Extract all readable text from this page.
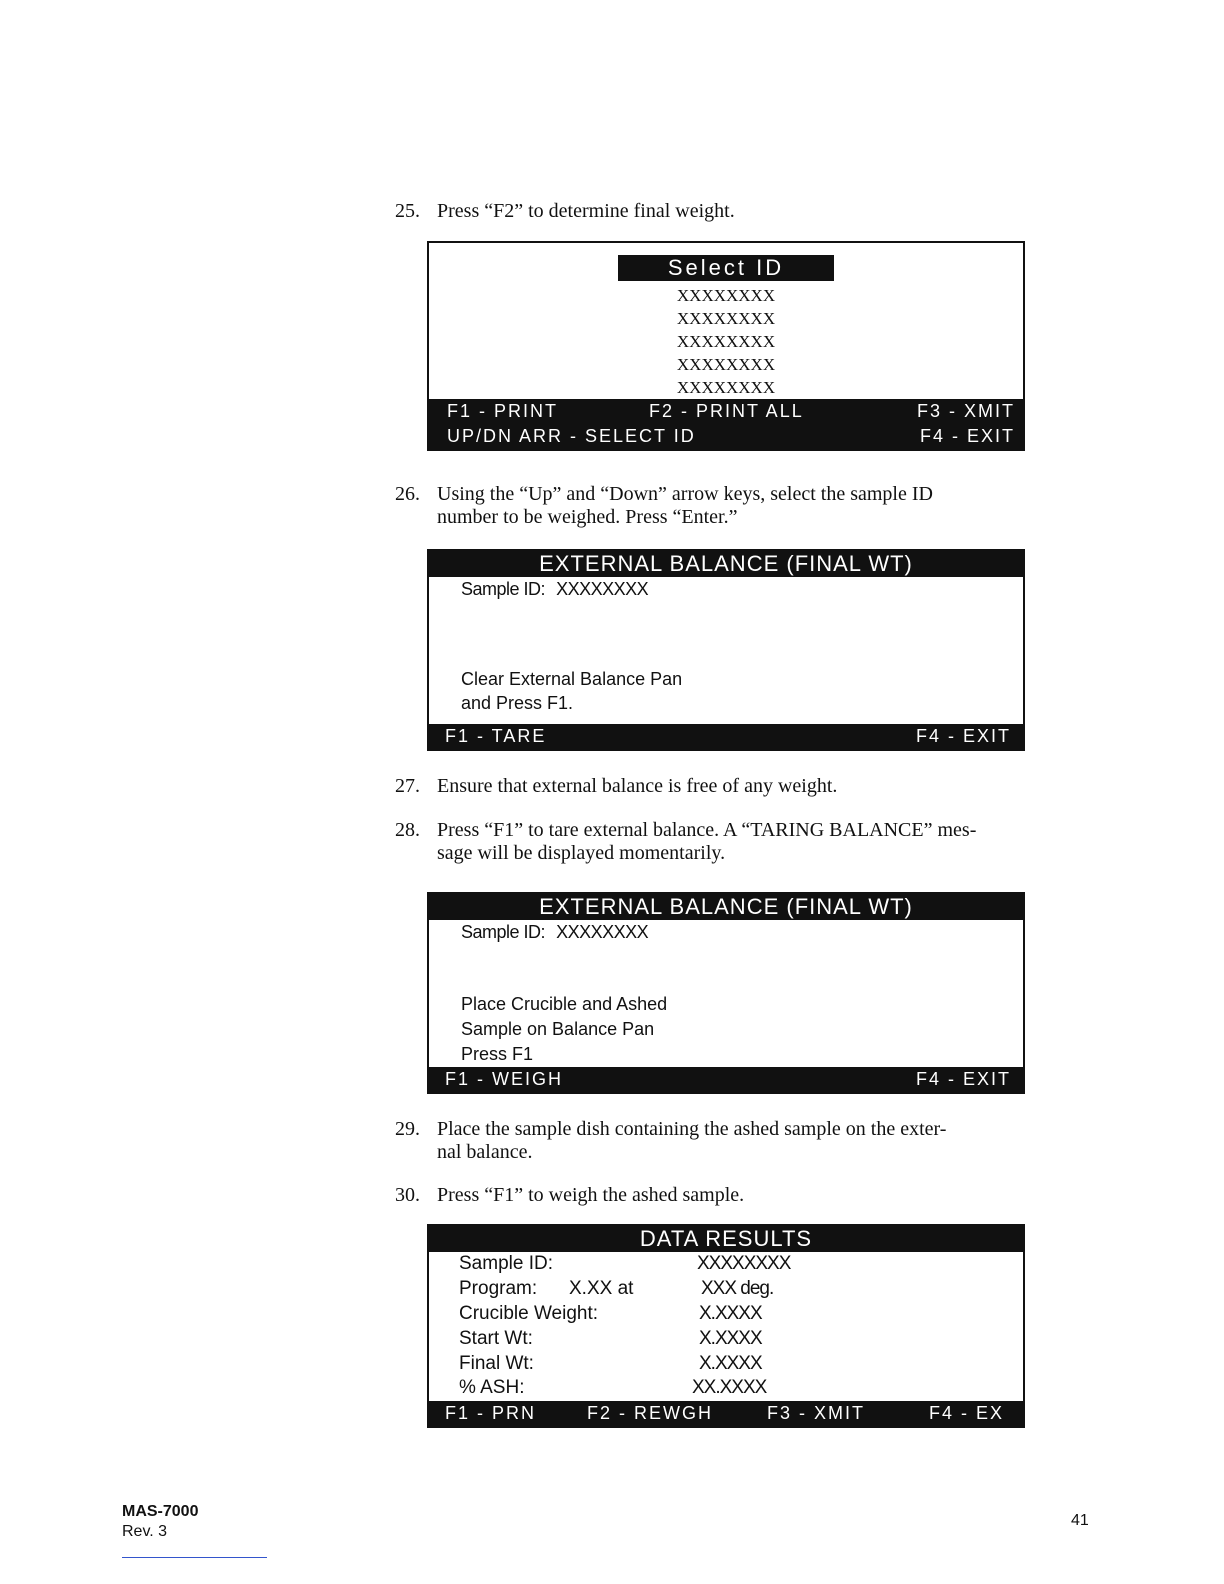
25. Press “F2” to determine final weight.
Select ID
XXXXXXXX
XXXXXXXX
XXXXXXXX
XXXXXXXX
XXXXXXXX
F1 - PRINT	F2 - PRINT ALL	F3 - XMIT
UP/DN ARR - SELECT ID	F4 - EXIT
26. Using the “Up” and “Down” arrow keys, select the sample ID
number to be weighed. Press “Enter.”
EXTERNAL BALANCE (FINAL WT)
Sample ID: XXXXXXXX
Clear External Balance Pan
and Press F1.
F1 - TARE	F4 - EXIT
27. Ensure that external balance is free of any weight.
28. Press “F1” to tare external balance. A “TARING BALANCE” mes-
sage will be displayed momentarily.
EXTERNAL BALANCE (FINAL WT)
Sample ID: XXXXXXXX
Place Crucible and Ashed
Sample on Balance Pan
Press F1
F1 - WEIGH	F4 - EXIT
29. Place the sample dish containing the ashed sample on the exter-
nal balance.
30. Press “F1” to weigh the ashed sample.
DATA RESULTS
Sample ID:	XXXXXXXX
Program: X.XX at	XXX deg.
Crucible Weight:	X.XXXX
Start Wt:	X.XXXX
Final Wt:	X.XXXX
% ASH:	XX.XXXX
F1 - PRN	F2 - REWGH	F3 - XMIT	F4 - EX
MAS-7000
Rev. 3
41
